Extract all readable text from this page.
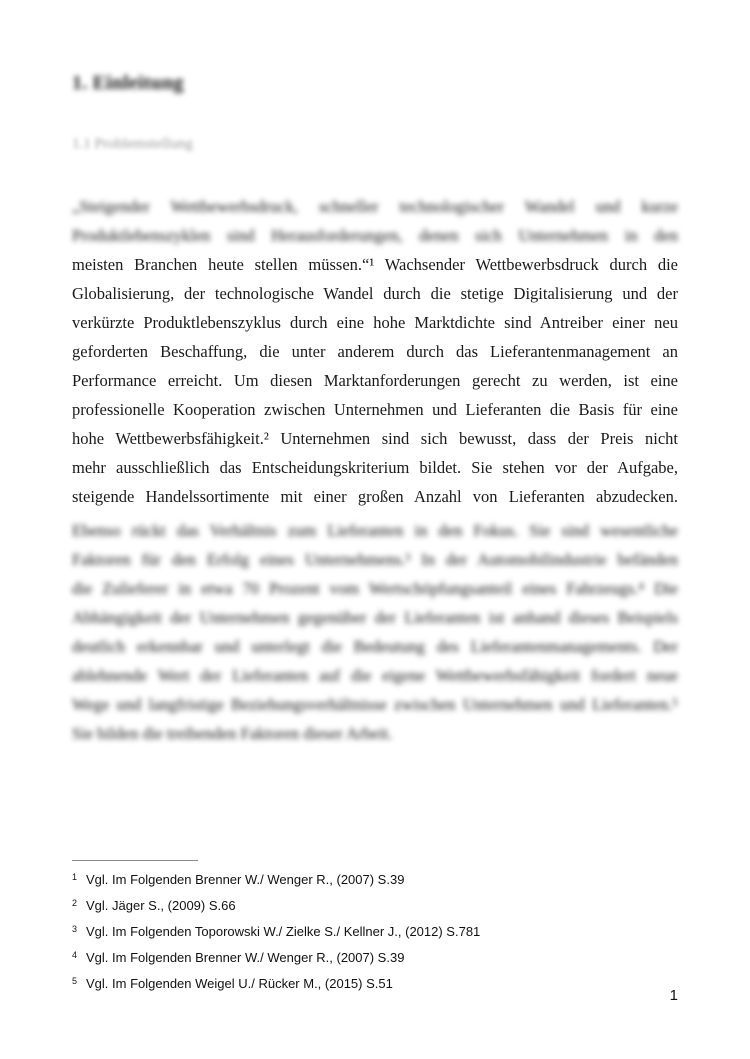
1. Einleitung
1.1 Problemstellung
„Steigender Wettbewerbsdruck, schneller technologischer Wandel und kurze
Produktlebenszyklen sind Herausforderungen, denen sich Unternehmen in den
meisten Branchen heute stellen müssen.“¹ Wachsender Wettbewerbsdruck durch die
Globalisierung, der technologische Wandel durch die stetige Digitalisierung und der
verkürzte Produktlebenszyklus durch eine hohe Marktdichte sind Antreiber einer neu
geforderten Beschaffung, die unter anderem durch das Lieferantenmanagement an
Performance erreicht. Um diesen Marktanforderungen gerecht zu werden, ist eine
professionelle Kooperation zwischen Unternehmen und Lieferanten die Basis für eine
hohe Wettbewerbsfähigkeit.² Unternehmen sind sich bewusst, dass der Preis nicht
mehr ausschließlich das Entscheidungskriterium bildet. Sie stehen vor der Aufgabe,
steigende Handelssortimente mit einer großen Anzahl von Lieferanten abzudecken.
Ebenso rückt das Verhältnis zum Lieferanten in den Fokus. Sie sind wesentliche
Faktoren für den Erfolg eines Unternehmens.³ In der Automobilindustrie befänden
die Zulieferer in etwa 70 Prozent vom Wertschöpfungsanteil eines Fahrzeugs.⁴ Die
Abhängigkeit der Unternehmen gegenüber der Lieferanten ist anhand dieses Beispiels
deutlich erkennbar und unterlegt die Bedeutung des Lieferantenmanagements. Der
ablehnende Wert der Lieferanten auf die eigene Wettbewerbsfähigkeit fordert neue
Wege und langfristige Beziehungsverhältnisse zwischen Unternehmen und Lieferanten.⁵
Sie bilden die treibenden Faktoren dieser Arbeit.
1 Vgl. Im Folgenden Brenner W./ Wenger R., (2007) S.39
2 Vgl. Jäger S., (2009) S.66
3 Vgl. Im Folgenden Toporowski W./ Zielke S./ Kellner J., (2012) S.781
4 Vgl. Im Folgenden Brenner W./ Wenger R., (2007) S.39
5 Vgl. Im Folgenden Weigel U./ Rücker M., (2015) S.51
1
